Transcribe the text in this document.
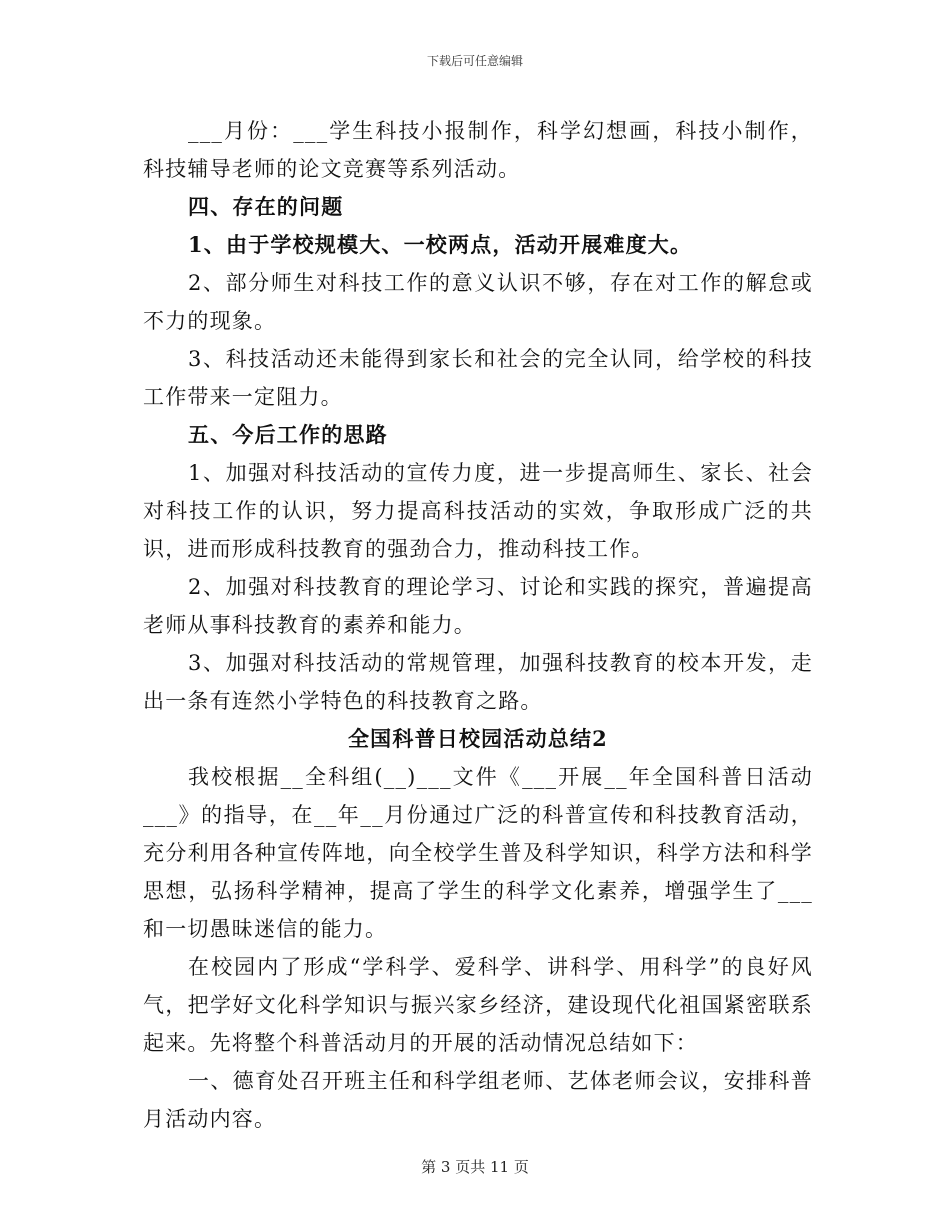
下载后可任意编辑

___月份：___学生科技小报制作，科学幻想画，科技小制作，科技辅导老师的论文竞赛等系列活动。

四、存在的问题

1、由于学校规模大、一校两点，活动开展难度大。

2、部分师生对科技工作的意义认识不够，存在对工作的解怠或不力的现象。

3、科技活动还未能得到家长和社会的完全认同，给学校的科技工作带来一定阻力。

五、今后工作的思路

1、加强对科技活动的宣传力度，进一步提高师生、家长、社会对科技工作的认识，努力提高科技活动的实效，争取形成广泛的共识，进而形成科技教育的强劲合力，推动科技工作。

2、加强对科技教育的理论学习、讨论和实践的探究，普遍提高老师从事科技教育的素养和能力。

3、加强对科技活动的常规管理，加强科技教育的校本开发，走出一条有连然小学特色的科技教育之路。

全国科普日校园活动总结2

我校根据__全科组(__)___文件《___开展__年全国科普日活动___》的指导，在__年__月份通过广泛的科普宣传和科技教育活动，充分利用各种宣传阵地，向全校学生普及科学知识，科学方法和科学思想，弘扬科学精神，提高了学生的科学文化素养，增强学生了___和一切愚昧迷信的能力。

在校园内了形成“学科学、爱科学、讲科学、用科学”的良好风气，把学好文化科学知识与振兴家乡经济，建设现代化祖国紧密联系起来。先将整个科普活动月的开展的活动情况总结如下：

一、德育处召开班主任和科学组老师、艺体老师会议，安排科普月活动内容。

第 3 页共 11 页
